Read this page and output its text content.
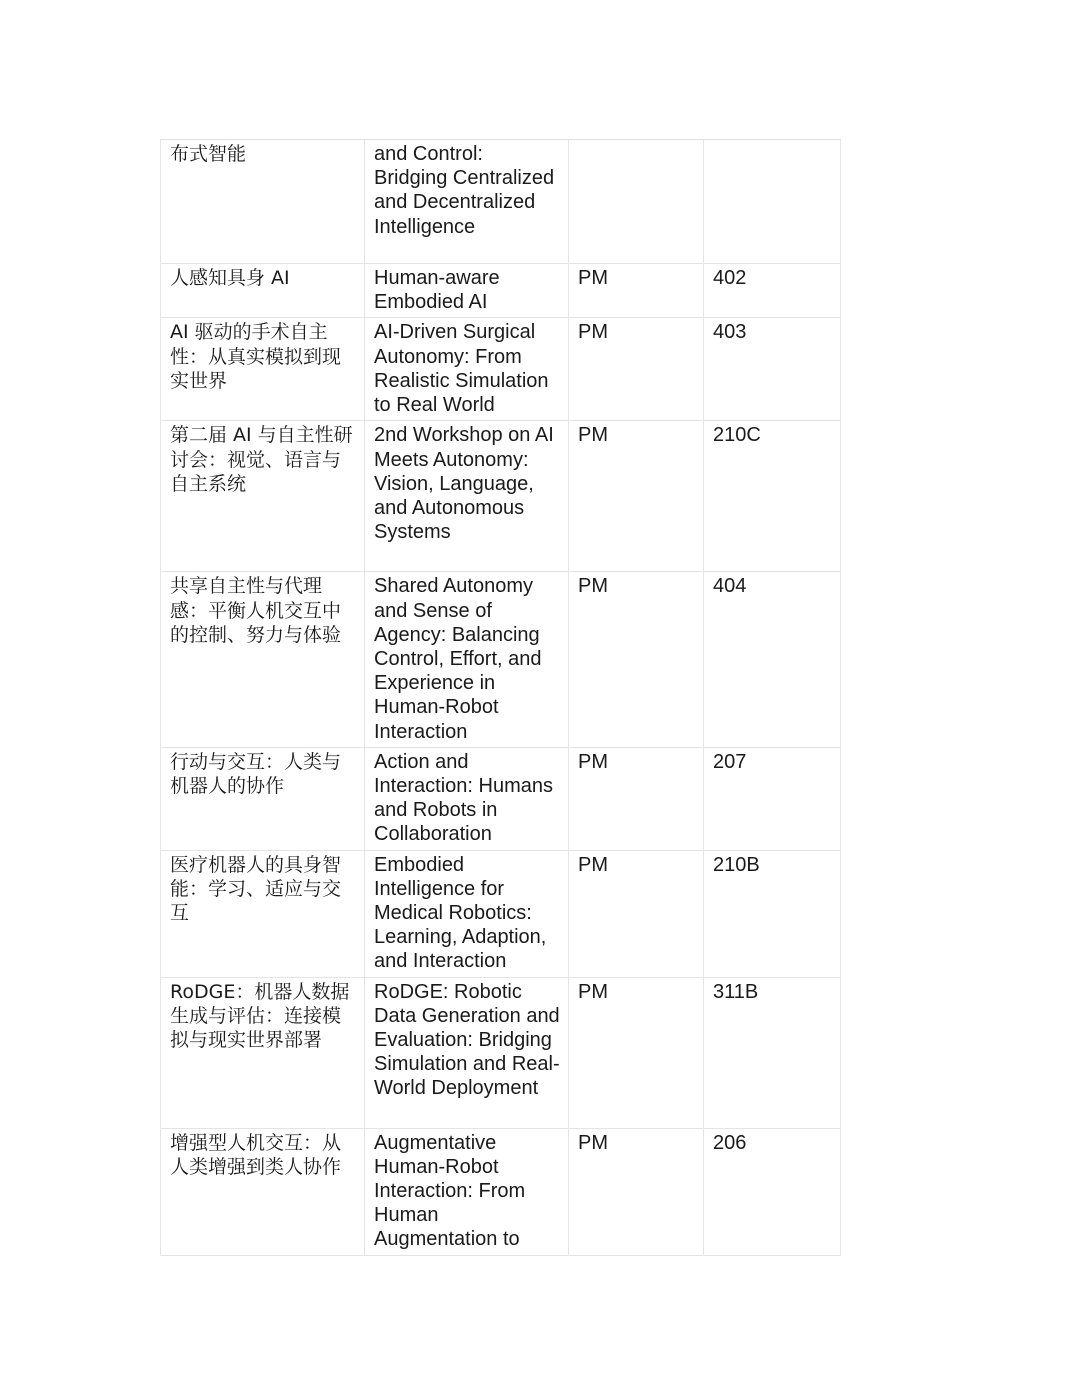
布式智能	and Control: Bridging Centralized and Decentralized Intelligence		

人感知具身 AI	Human-aware Embodied AI	PM	402

AI 驱动的手术自主性：从真实模拟到现实世界	AI-Driven Surgical Autonomy: From Realistic Simulation to Real World	PM	403

第二届 AI 与自主性研讨会：视觉、语言与自主系统	2nd Workshop on AI Meets Autonomy: Vision, Language, and Autonomous Systems	PM	210C

共享自主性与代理感：平衡人机交互中的控制、努力与体验	Shared Autonomy and Sense of Agency: Balancing Control, Effort, and Experience in Human-Robot Interaction	PM	404

行动与交互：人类与机器人的协作	Action and Interaction: Humans and Robots in Collaboration	PM	207

医疗机器人的具身智能：学习、适应与交互	Embodied Intelligence for Medical Robotics: Learning, Adaption, and Interaction	PM	210B

RoDGE：机器人数据生成与评估：连接模拟与现实世界部署	RoDGE: Robotic Data Generation and Evaluation: Bridging Simulation and Real-World Deployment	PM	311B

增强型人机交互：从人类增强到类人协作	Augmentative Human-Robot Interaction: From Human Augmentation to	PM	206
